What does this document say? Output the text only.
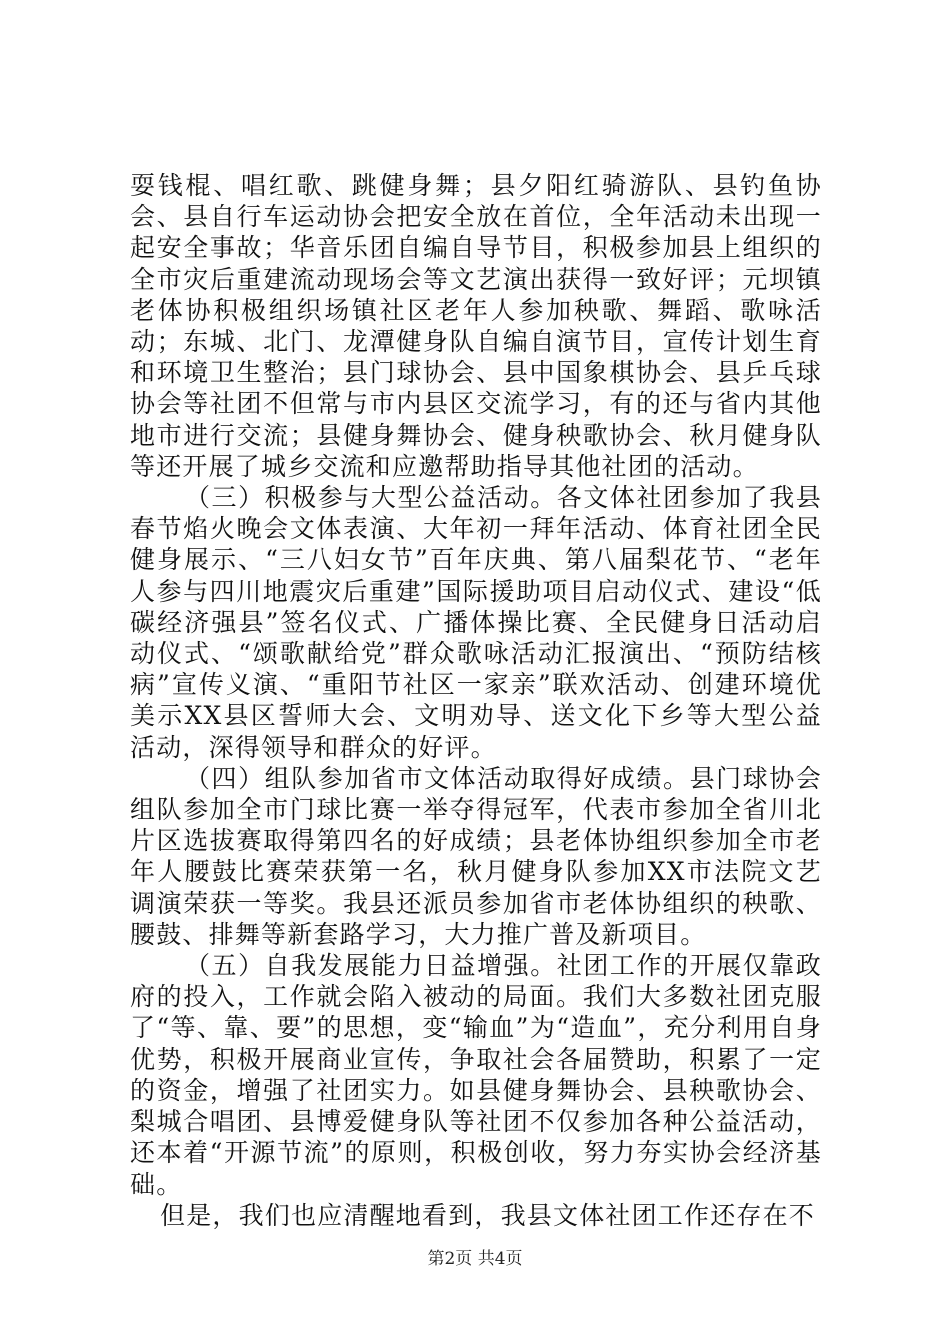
耍钱棍、唱红歌、跳健身舞；县夕阳红骑游队、县钓鱼协会、县自行车运动协会把安全放在首位，全年活动未出现一起安全事故；华音乐团自编自导节目，积极参加县上组织的全市灾后重建流动现场会等文艺演出获得一致好评；元坝镇老体协积极组织场镇社区老年人参加秧歌、舞蹈、歌咏活动；东城、北门、龙潭健身队自编自演节目，宣传计划生育和环境卫生整治；县门球协会、县中国象棋协会、县乒乓球协会等社团不但常与市内县区交流学习，有的还与省内其他地市进行交流；县健身舞协会、健身秧歌协会、秋月健身队等还开展了城乡交流和应邀帮助指导其他社团的活动。

（三）积极参与大型公益活动。各文体社团参加了我县春节焰火晚会文体表演、大年初一拜年活动、体育社团全民健身展示、“三八妇女节”百年庆典、第八届梨花节、“老年人参与四川地震灾后重建”国际援助项目启动仪式、建设“低碳经济强县”签名仪式、广播体操比赛、全民健身日活动启动仪式、“颂歌献给党”群众歌咏活动汇报演出、“预防结核病”宣传义演、“重阳节社区一家亲”联欢活动、创建环境优美示XX县区誓师大会、文明劝导、送文化下乡等大型公益活动，深得领导和群众的好评。

（四）组队参加省市文体活动取得好成绩。县门球协会组队参加全市门球比赛一举夺得冠军，代表市参加全省川北片区选拔赛取得第四名的好成绩；县老体协组织参加全市老年人腰鼓比赛荣获第一名，秋月健身队参加XX市法院文艺调演荣获一等奖。我县还派员参加省市老体协组织的秧歌、腰鼓、排舞等新套路学习，大力推广普及新项目。

（五）自我发展能力日益增强。社团工作的开展仅靠政府的投入，工作就会陷入被动的局面。我们大多数社团克服了“等、靠、要”的思想，变“输血”为“造血”，充分利用自身优势，积极开展商业宣传，争取社会各届赞助，积累了一定的资金，增强了社团实力。如县健身舞协会、县秧歌协会、梨城合唱团、县博爱健身队等社团不仅参加各种公益活动，还本着“开源节流”的原则，积极创收，努力夯实协会经济基础。

但是，我们也应清醒地看到，我县文体社团工作还存在不

第2页 共4页
